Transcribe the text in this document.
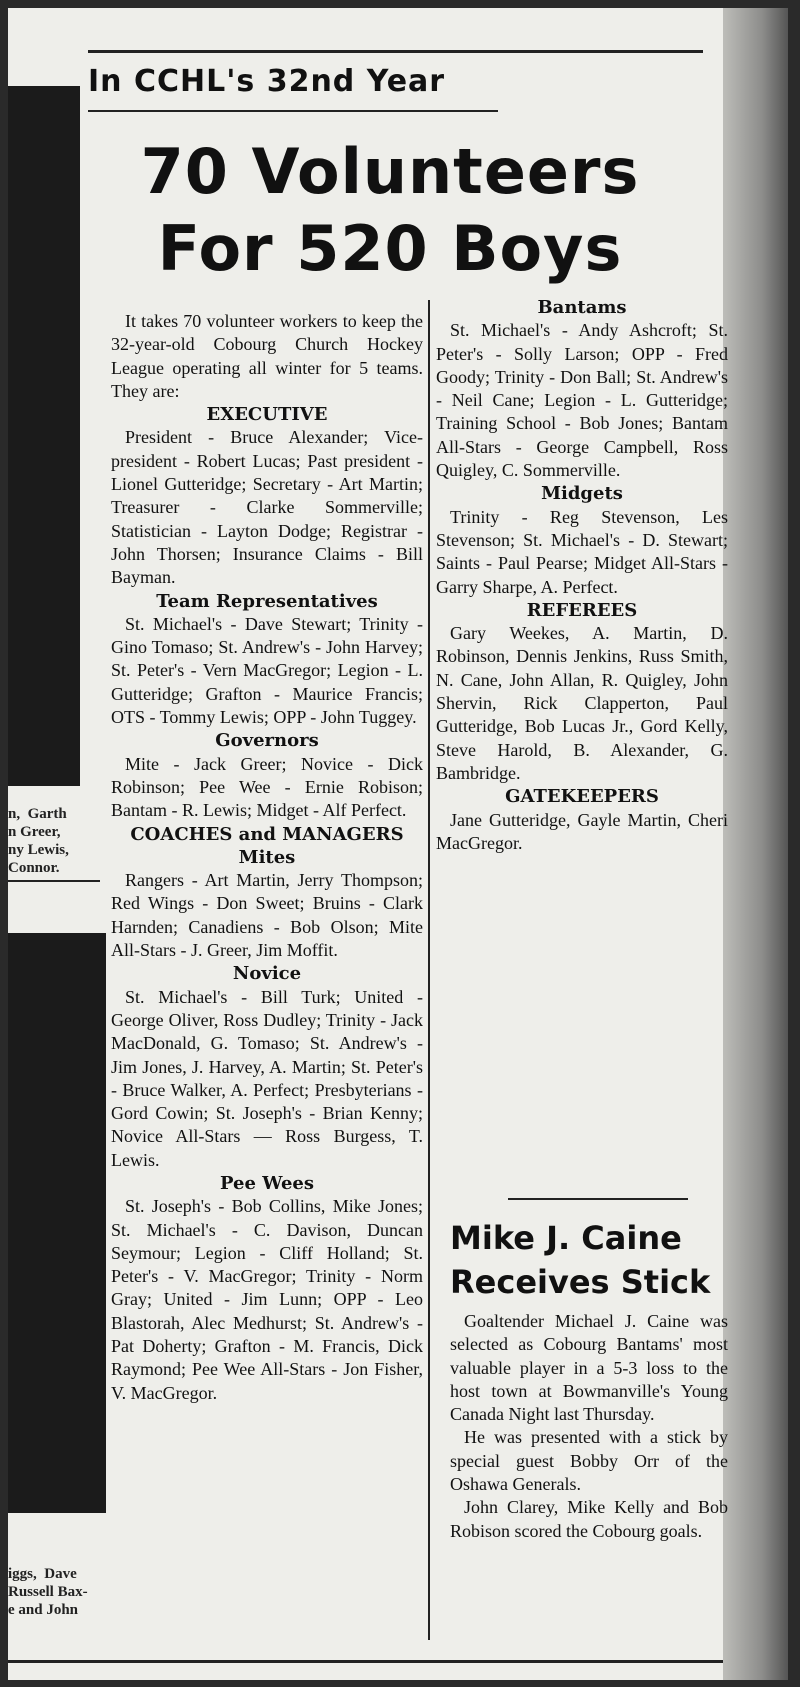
n,  Garth
n Greer,
ny Lewis,
Connor.
iggs,  Dave
Russell Bax-
e and John
In CCHL's 32nd Year
70 Volunteers
For 520 Boys

It takes 70 volunteer workers to keep the 32-year-old Cobourg Church Hockey League operating all winter for 5 teams. They are:

EXECUTIVE

President - Bruce Alexander; Vice-president - Robert Lucas; Past president - Lionel Gutteridge; Secretary - Art Martin; Treasurer - Clarke Sommerville; Statistician - Layton Dodge; Registrar - John Thorsen; Insurance Claims - Bill Bayman.

Team Representatives

St. Michael's - Dave Stewart; Trinity - Gino Tomaso; St. Andrew's - John Harvey; St. Peter's - Vern MacGregor; Legion - L. Gutteridge; Grafton - Maurice Francis; OTS - Tommy Lewis; OPP - John Tuggey.

Governors

Mite - Jack Greer; Novice - Dick Robinson; Pee Wee - Ernie Robison; Bantam - R. Lewis; Midget - Alf Perfect.

COACHES and MANAGERS
Mites

Rangers - Art Martin, Jerry Thompson; Red Wings - Don Sweet; Bruins - Clark Harnden; Canadiens - Bob Olson; Mite All-Stars - J. Greer, Jim Moffit.

Novice

St. Michael's - Bill Turk; United - George Oliver, Ross Dudley; Trinity - Jack MacDonald, G. Tomaso; St. Andrew's - Jim Jones, J. Harvey, A. Martin; St. Peter's - Bruce Walker, A. Perfect; Presbyterians - Gord Cowin; St. Joseph's - Brian Kenny; Novice All-Stars — Ross Burgess, T. Lewis.

Pee Wees

St. Joseph's - Bob Collins, Mike Jones; St. Michael's - C. Davison, Duncan Seymour; Legion - Cliff Holland; St. Peter's - V. MacGregor; Trinity - Norm Gray; United - Jim Lunn; OPP - Leo Blastorah, Alec Medhurst; St. Andrew's - Pat Doherty; Grafton - M. Francis, Dick Raymond; Pee Wee All-Stars - Jon Fisher, V. MacGregor.

Bantams

St. Michael's - Andy Ashcroft; St. Peter's - Solly Larson; OPP - Fred Goody; Trinity - Don Ball; St. Andrew's - Neil Cane; Legion - L. Gutteridge; Training School - Bob Jones; Bantam All-Stars - George Campbell, Ross Quigley, C. Sommerville.

Midgets

Trinity - Reg Stevenson, Les Stevenson; St. Michael's - D. Stewart; Saints - Paul Pearse; Midget All-Stars - Garry Sharpe, A. Perfect.

REFEREES

Gary Weekes, A. Martin, D. Robinson, Dennis Jenkins, Russ Smith, N. Cane, John Allan, R. Quigley, John Shervin, Rick Clapperton, Paul Gutteridge, Bob Lucas Jr., Gord Kelly, Steve Harold, B. Alexander, G. Bambridge.

GATEKEEPERS

Jane Gutteridge, Gayle Martin, Cheri MacGregor.

Mike J. Caine
Receives Stick

Goaltender Michael J. Caine was selected as Cobourg Bantams' most valuable player in a 5-3 loss to the host town at Bowmanville's Young Canada Night last Thursday.

He was presented with a stick by special guest Bobby Orr of the Oshawa Generals.

John Clarey, Mike Kelly and Bob Robison scored the Cobourg goals.
